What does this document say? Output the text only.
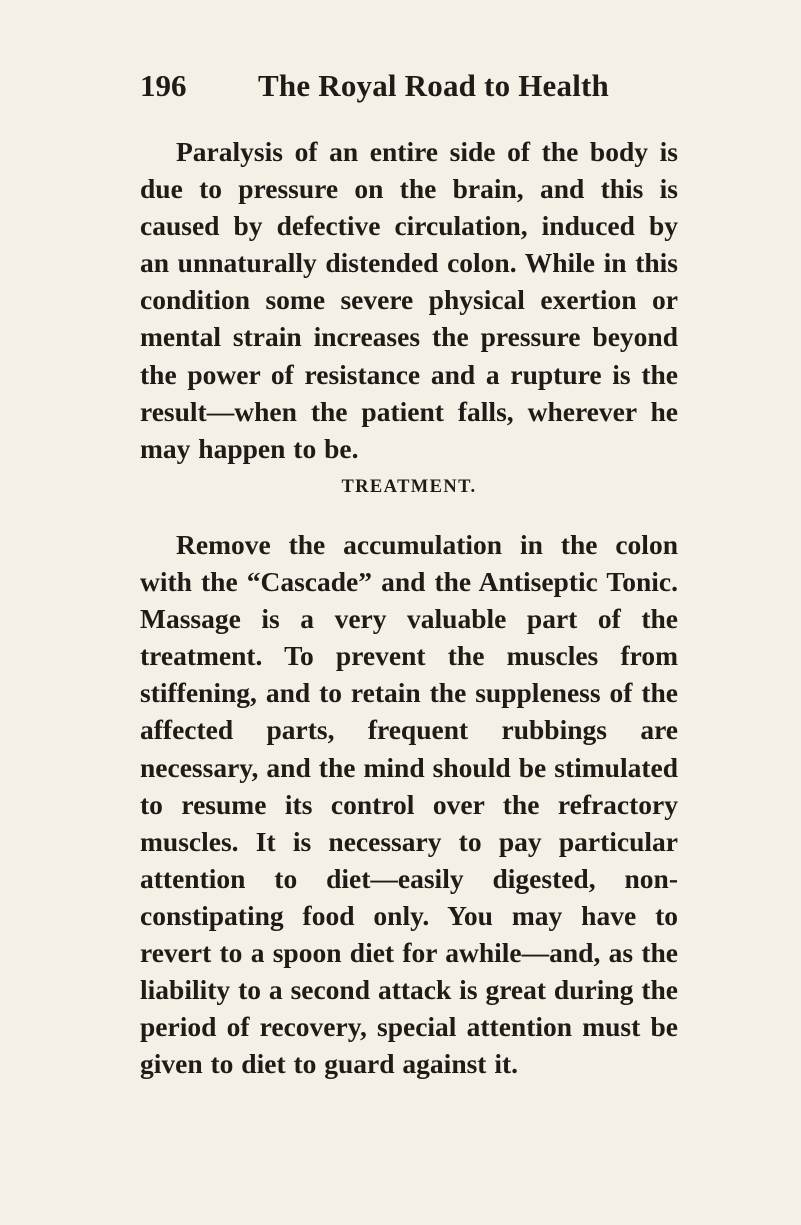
196 The Royal Road to Health

Paralysis of an entire side of the body is due to pressure on the brain, and this is caused by defective circulation, induced by an unnaturally distended colon. While in this condition some severe physical exertion or mental strain increases the pressure beyond the power of resistance and a rupture is the result—when the patient falls, wherever he may happen to be.

TREATMENT.

Remove the accumulation in the colon with the “Cascade” and the Antiseptic Tonic. Massage is a very valuable part of the treatment. To prevent the muscles from stiffening, and to retain the suppleness of the affected parts, frequent rubbings are necessary, and the mind should be stimulated to resume its control over the refractory muscles. It is necessary to pay particular attention to diet—easily digested, non-constipating food only. You may have to revert to a spoon diet for awhile—and, as the liability to a second attack is great during the period of recovery, special attention must be given to diet to guard against it.
